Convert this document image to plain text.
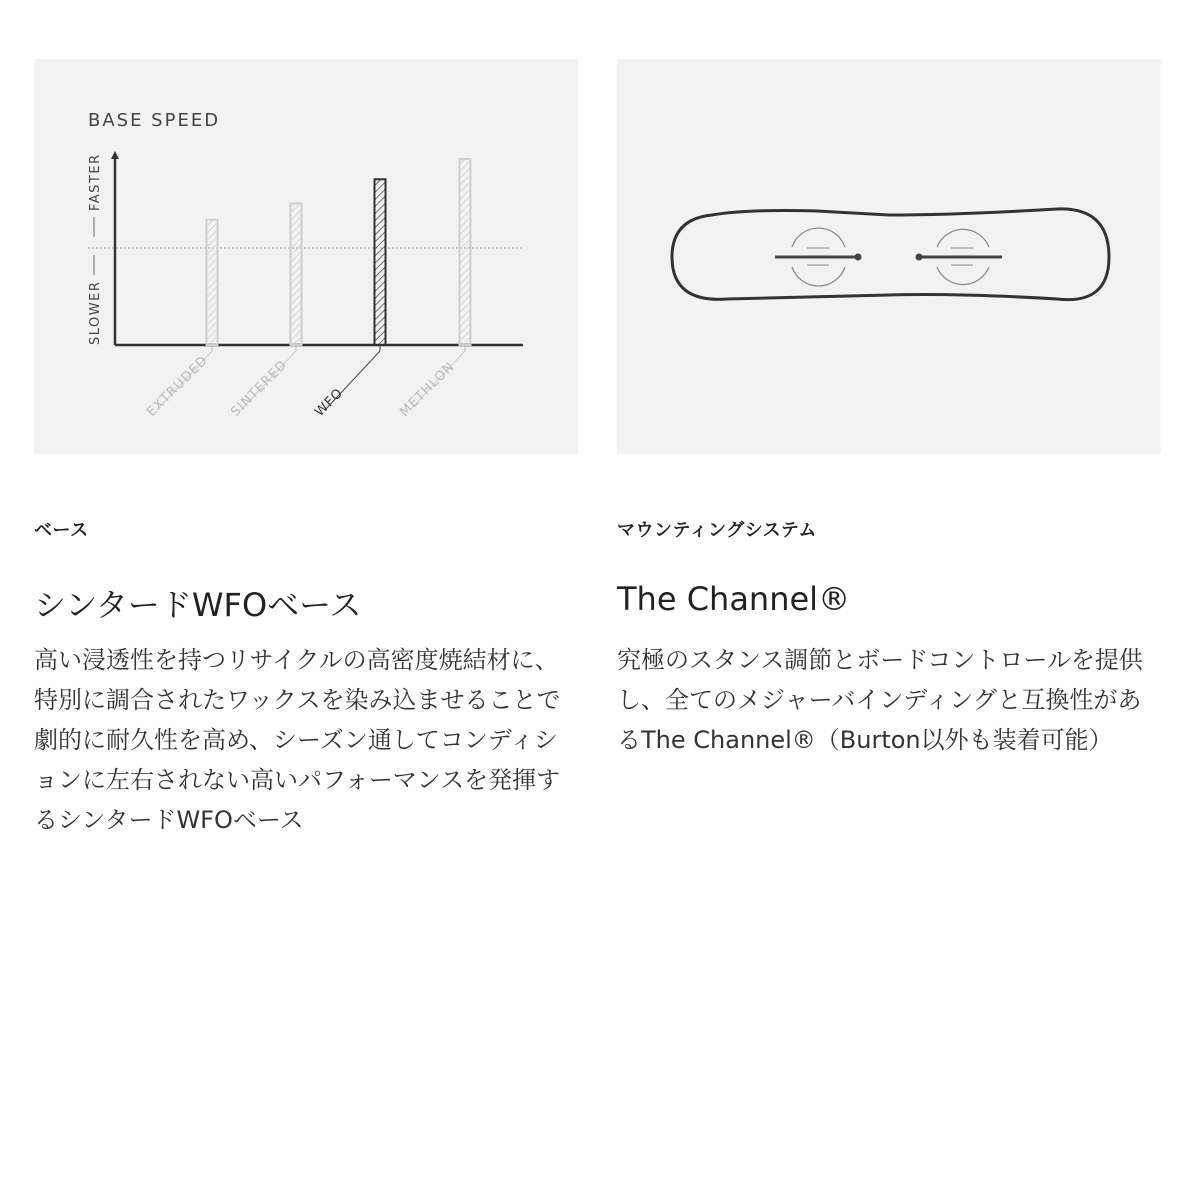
BASE SPEED
FASTER
SLOWER
EXTRUDED SINTERED WFO	METHLON
ベース
シンタードWFOベース
高い浸透性を持つリサイクルの高密度焼結材に、特別に調合されたワックスを染み込ませることで劇的に耐久性を高め、シーズン通してコンディションに左右されない高いパフォーマンスを発揮するシンタードWFOベース
マウンティングシステム
The Channel®
究極のスタンス調節とボードコントロールを提供し、全てのメジャーバインディングと互換性があるThe Channel®（Burton以外も装着可能）
